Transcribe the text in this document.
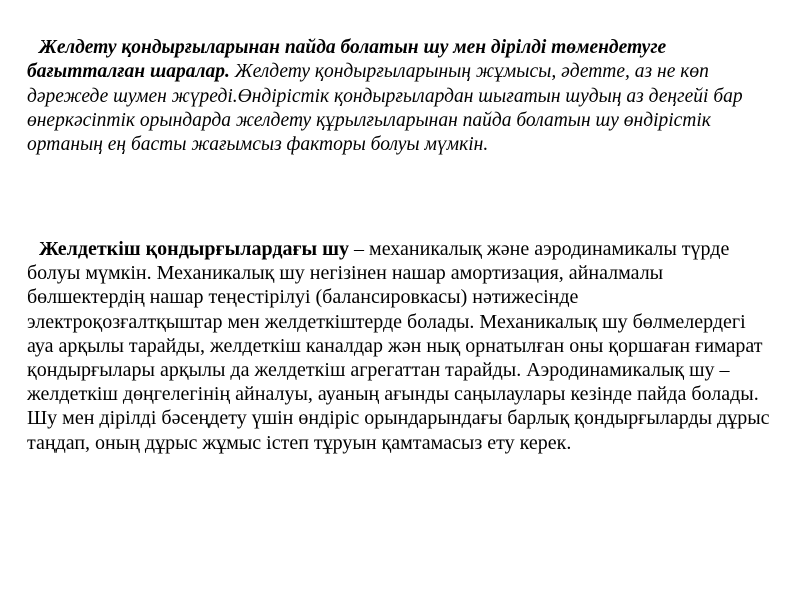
Желдету қондырғыларынан пайда болатын шу мен дірілді төмендетуге бағытталған шаралар. Желдету қондырғыларының жұмысы, әдетте, аз не көп дәрежеде шумен жүреді.Өндірістік қондырғылардан шығатын шудың аз деңгейі бар өнеркәсіптік орындарда желдету құрылғыларынан пайда болатын шу өндірістік ортаның ең басты жағымсыз факторы болуы мүмкін.

Желдеткіш қондырғылардағы шу – механикалық және аэродинамикалы түрде болуы мүмкін. Механикалық шу негізінен нашар амортизация, айналмалы бөлшектердің нашар теңестірілуі (балансировкасы) нәтижесінде электроқозғалтқыштар мен желдеткіштерде болады. Механикалық шу бөлмелердегі ауа арқылы тарайды, желдеткіш каналдар жән нық орнатылған оны қоршаған ғимарат қондырғылары арқылы да желдеткіш агрегаттан тарайды. Аэродинамикалық шу – желдеткіш дөңгелегінің айналуы, ауаның ағынды саңылаулары кезінде пайда болады. Шу мен дірілді бәсеңдету үшін өндіріс орындарындағы барлық қондырғыларды дұрыс таңдап, оның дұрыс жұмыс істеп тұруын қамтамасыз ету керек.
